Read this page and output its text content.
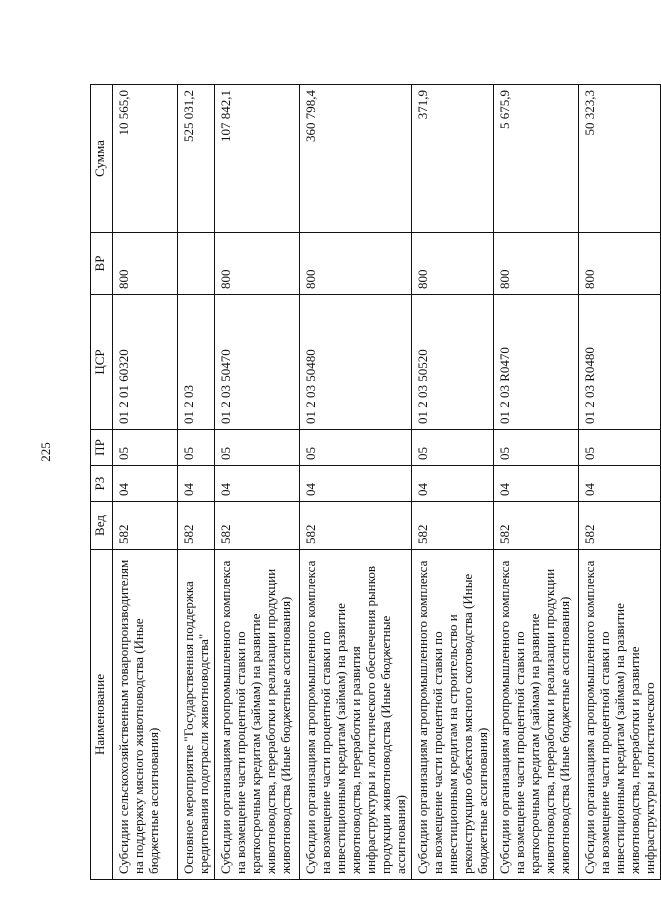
225
Наименование	Вед	РЗ	ПР	ЦСР	ВР	Сумма
Субсидии сельскохозяйственным товаропроизводителям на поддержку мясного животноводства (Иные бюджетные ассигнования)	582	04	05	01 2 01 60320	800	10 565,0
Основное мероприятие "Государственная поддержка кредитования подотрасли животноводства"	582	04	05	01 2 03		525 031,2
Субсидии организациям агропромышленного комплекса на возмещение части процентной ставки по краткосрочным кредитам (займам) на развитие животноводства, переработки и реализации продукции животноводства (Иные бюджетные ассигнования)	582	04	05	01 2 03 50470	800	107 842,1
Субсидии организациям агропромышленного комплекса на возмещение части процентной ставки по инвестиционным кредитам (займам) на развитие животноводства, переработки и развития инфраструктуры и логистического обеспечения рынков продукции животноводства (Иные бюджетные ассигнования)	582	04	05	01 2 03 50480	800	360 798,4
Субсидии организациям агропромышленного комплекса на возмещение части процентной ставки по инвестиционным кредитам на строительство и реконструкцию объектов мясного скотоводства (Иные бюджетные ассигнования)	582	04	05	01 2 03 50520	800	371,9
Субсидии организациям агропромышленного комплекса на возмещение части процентной ставки по краткосрочным кредитам (займам) на развитие животноводства, переработки и реализации продукции животноводства (Иные бюджетные ассигнования)	582	04	05	01 2 03 R0470	800	5 675,9
Субсидии организациям агропромышленного комплекса на возмещение части процентной ставки по инвестиционным кредитам (займам) на развитие животноводства, переработки и развитие инфраструктуры и логистического	582	04	05	01 2 03 R0480	800	50 323,3
